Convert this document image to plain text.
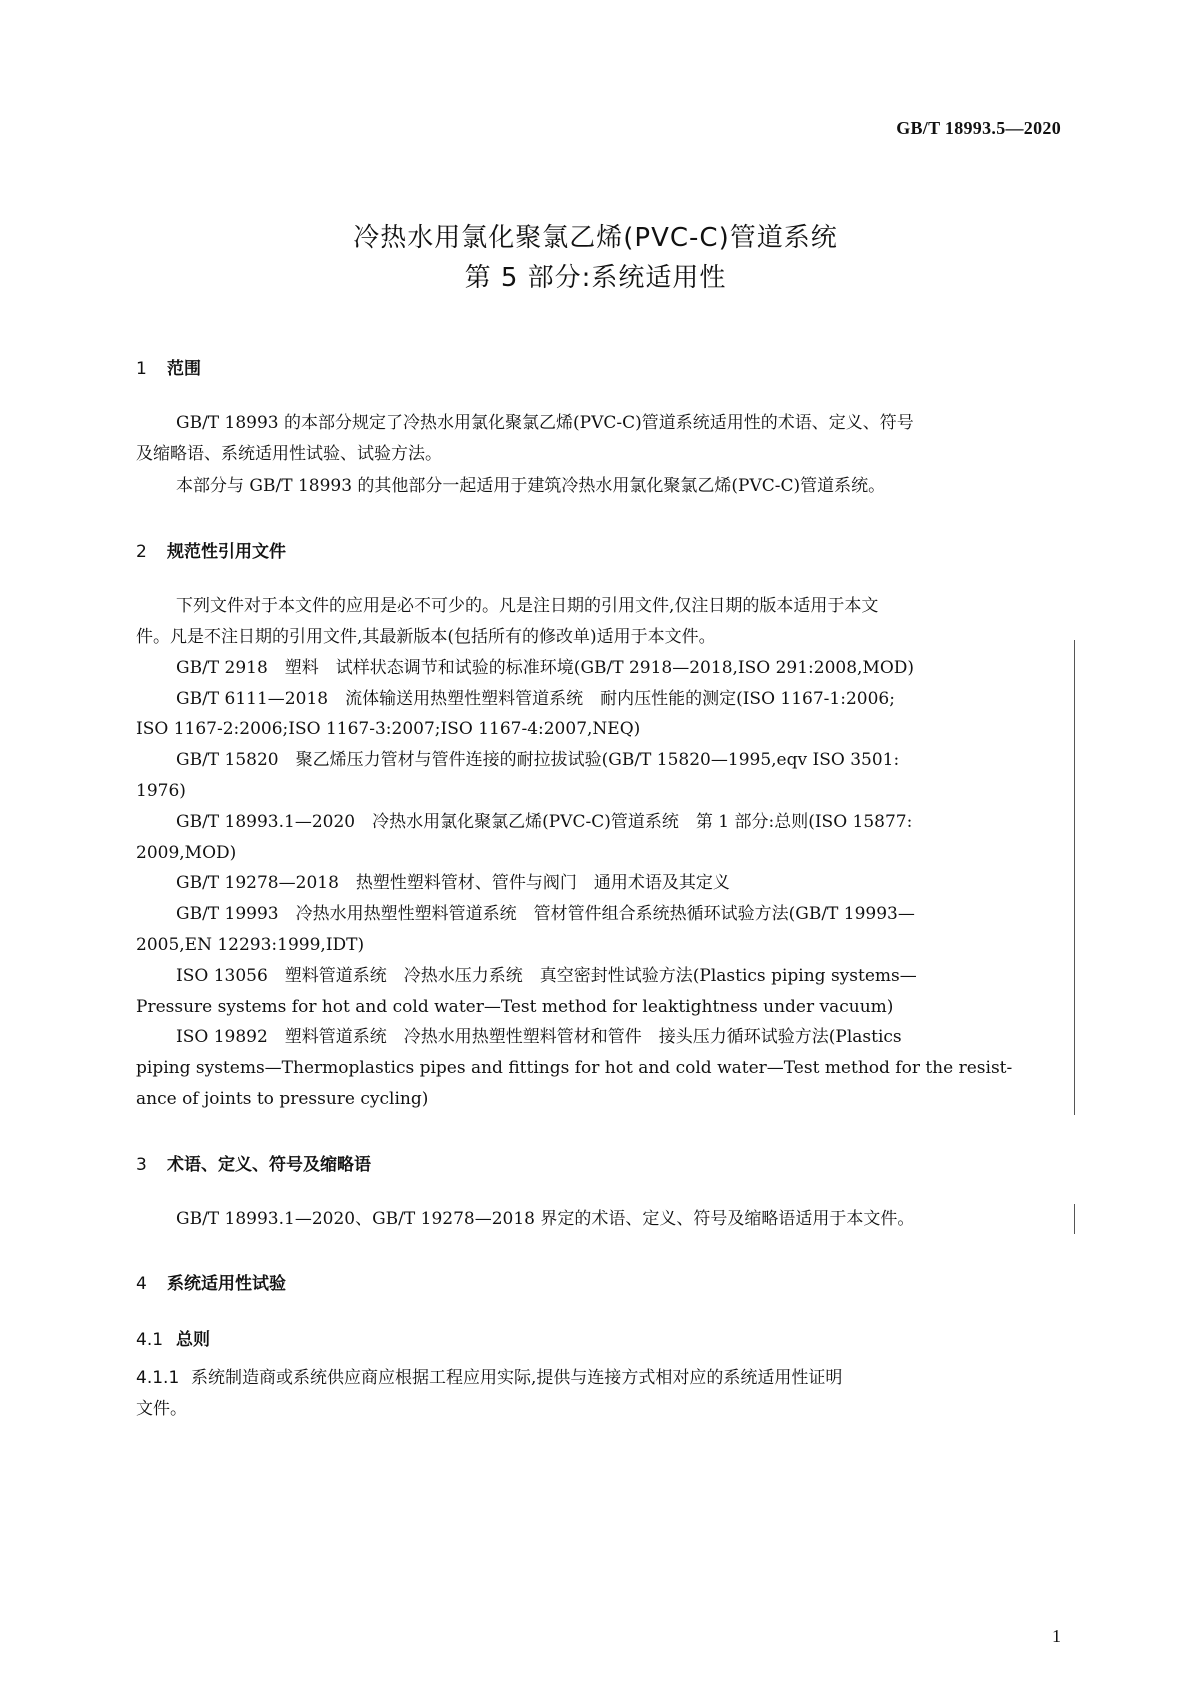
GB/T 18993.5—2020
冷热水用氯化聚氯乙烯(PVC-C)管道系统
第 5 部分:系统适用性
1 范围
GB/T 18993 的本部分规定了冷热水用氯化聚氯乙烯(PVC-C)管道系统适用性的术语、定义、符号
及缩略语、系统适用性试验、试验方法。
本部分与 GB/T 18993 的其他部分一起适用于建筑冷热水用氯化聚氯乙烯(PVC-C)管道系统。
2 规范性引用文件
下列文件对于本文件的应用是必不可少的。凡是注日期的引用文件,仅注日期的版本适用于本文
件。凡是不注日期的引用文件,其最新版本(包括所有的修改单)适用于本文件。
GB/T 2918　塑料　试样状态调节和试验的标准环境(GB/T 2918—2018,ISO 291:2008,MOD)
GB/T 6111—2018　流体输送用热塑性塑料管道系统　耐内压性能的测定(ISO 1167-1:2006;
ISO 1167-2:2006;ISO 1167-3:2007;ISO 1167-4:2007,NEQ)
GB/T 15820　聚乙烯压力管材与管件连接的耐拉拔试验(GB/T 15820—1995,eqv ISO 3501:
1976)
GB/T 18993.1—2020　冷热水用氯化聚氯乙烯(PVC-C)管道系统　第 1 部分:总则(ISO 15877:
2009,MOD)
GB/T 19278—2018　热塑性塑料管材、管件与阀门　通用术语及其定义
GB/T 19993　冷热水用热塑性塑料管道系统　管材管件组合系统热循环试验方法(GB/T 19993—
2005,EN 12293:1999,IDT)
ISO 13056　塑料管道系统　冷热水压力系统　真空密封性试验方法(Plastics piping systems—
Pressure systems for hot and cold water—Test method for leaktightness under vacuum)
ISO 19892　塑料管道系统　冷热水用热塑性塑料管材和管件　接头压力循环试验方法(Plastics
piping systems—Thermoplastics pipes and fittings for hot and cold water—Test method for the resist-
ance of joints to pressure cycling)
3 术语、定义、符号及缩略语
GB/T 18993.1—2020、GB/T 19278—2018 界定的术语、定义、符号及缩略语适用于本文件。
4 系统适用性试验
4.1 总则
4.1.1 系统制造商或系统供应商应根据工程应用实际,提供与连接方式相对应的系统适用性证明
文件。
1
